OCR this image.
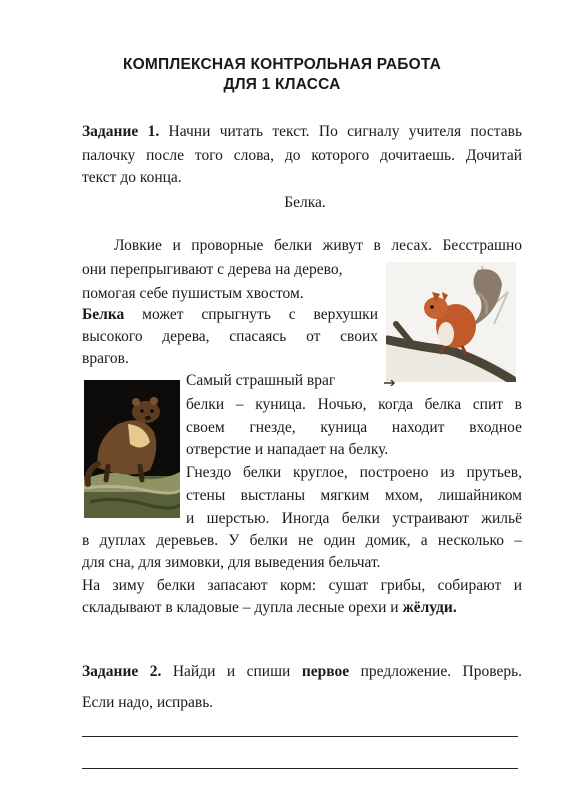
КОМПЛЕКСНАЯ КОНТРОЛЬНАЯ РАБОТА
ДЛЯ 1 КЛАССА
Задание 1. Начни читать текст. По сигналу учителя поставь
палочку после того слова, до которого дочитаешь. Дочитай
текст до конца.
Белка.
Ловкие и проворные белки живут в лесах. Бесстрашно
они перепрыгивают с дерева на дерево,
помогая себе пушистым хвостом.
Белка может спрыгнуть с верхушки
высокого дерева, спасаясь от своих
врагов.
Самый страшный враг
белки – куница. Ночью, когда белка спит в
своем гнезде, куница находит входное
отверстие и нападает на белку.
Гнездо белки круглое, построено из прутьев,
стены выстланы мягким мхом, лишайником
и шерстью. Иногда белки устраивают жильё
в дуплах деревьев. У белки не один домик, а несколько –
для сна, для зимовки, для выведения бельчат.
На зиму белки запасают корм: сушат грибы, собирают и
складывают в кладовые – дупла лесные орехи и жёлуди.
Задание 2. Найди и спиши первое предложение. Проверь.
Если надо, исправь.
